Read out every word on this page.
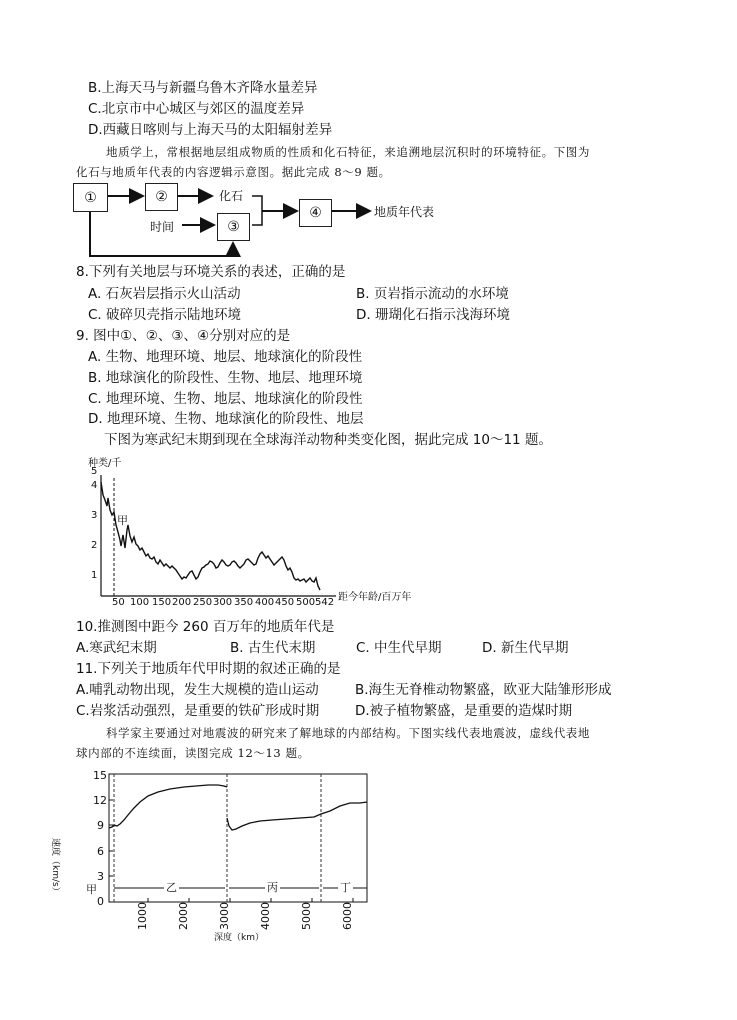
B.上海天马与新疆乌鲁木齐降水量差异
C.北京市中心城区与郊区的温度差异
D.西藏日喀则与上海天马的太阳辐射差异
地质学上，常根据地层组成物质的性质和化石特征，来追溯地层沉积时的环境特征。下图为
化石与地质年代表的内容逻辑示意图。据此完成 8～9 题。
①	②
③
④
化石
时间
地质年代表
8.下列有关地层与环境关系的表述，正确的是
A. 石灰岩层指示火山活动	B. 页岩指示流动的水环境
C. 破碎贝壳指示陆地环境	D. 珊瑚化石指示浅海环境
9. 图中①、②、③、④分别对应的是
A. 生物、地理环境、地层、地球演化的阶段性
B. 地球演化的阶段性、生物、地层、地理环境
C. 地理环境、生物、地层、地球演化的阶段性
D. 地理环境、生物、地球演化的阶段性、地层
下图为寒武纪末期到现在全球海洋动物种类变化图，据此完成 10～11 题。
种类/千
甲
1
2
3
4
5
50 100 150 200 250 300 350 400 450 500 542 距今年龄/百万年
10.推测图中距今 260 百万年的地质年代是
A.寒武纪末期	B. 古生代末期	C. 中生代早期	D. 新生代早期
11.下列关于地质年代甲时期的叙述正确的是
A.哺乳动物出现，发生大规模的造山运动	B.海生无脊椎动物繁盛，欧亚大陆雏形形成
C.岩浆活动强烈，是重要的铁矿形成时期	D.被子植物繁盛，是重要的造煤时期
科学家主要通过对地震波的研究来了解地球的内部结构。下图实线代表地震波，虚线代表地
球内部的不连续面，读图完成 12～13 题。
15
12
9
6
3
0
甲	乙	丙	丁
速度（km/s）
1000	2000	3000	4000	5000	6000
深度（km）
